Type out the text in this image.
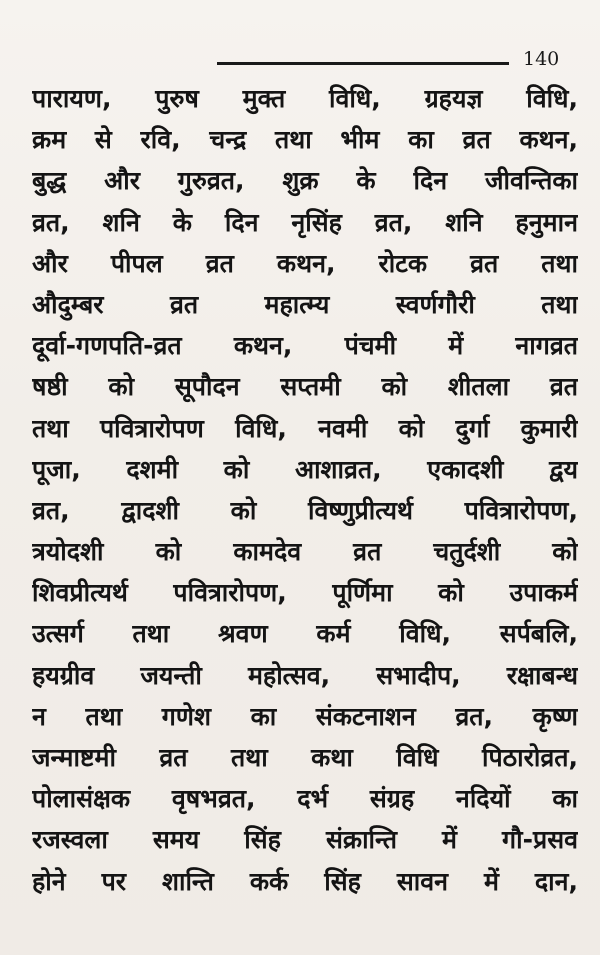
140
पारायण, पुरुष मुक्त विधि, ग्रहयज्ञ विधि,
क्रम से रवि, चन्द्र तथा भीम का व्रत कथन,
बुद्ध और गुरुव्रत, शुक्र के दिन जीवन्तिका
व्रत, शनि के दिन नृसिंह व्रत, शनि हनुमान
और पीपल व्रत कथन, रोटक व्रत तथा
औदुम्बर व्रत महात्म्य स्वर्णगौरी तथा
दूर्वा-गणपति-व्रत कथन, पंचमी में नागव्रत
षष्ठी को सूपौदन सप्तमी को शीतला व्रत
तथा पवित्रारोपण विधि, नवमी को दुर्गा कुमारी
पूजा, दशमी को आशाव्रत, एकादशी द्वय
व्रत, द्वादशी को विष्णुप्रीत्यर्थ पवित्रारोपण,
त्रयोदशी को कामदेव व्रत चतुर्दशी को
शिवप्रीत्यर्थ पवित्रारोपण, पूर्णिमा को उपाकर्म
उत्सर्ग तथा श्रवण कर्म विधि, सर्पबलि,
हयग्रीव जयन्ती महोत्सव, सभादीप, रक्षाबन्ध
न तथा गणेश का संकटनाशन व्रत, कृष्ण
जन्माष्टमी व्रत तथा कथा विधि पिठारोव्रत,
पोलासंक्षक वृषभव्रत, दर्भ संग्रह नदियों का
रजस्वला समय सिंह संक्रान्ति में गौ-प्रसव
होने पर शान्ति कर्क सिंह सावन में दान,
